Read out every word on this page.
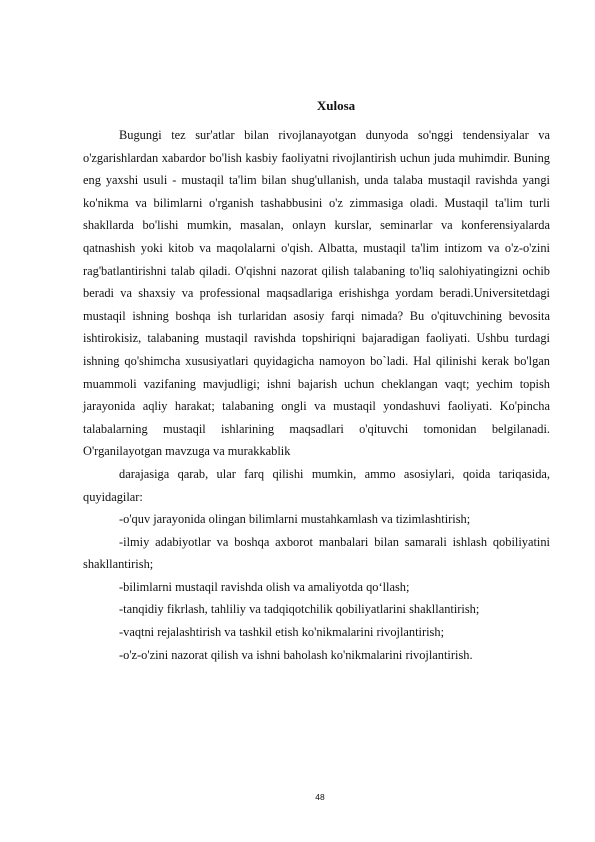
Xulosa

Bugungi tez sur'atlar bilan rivojlanayotgan dunyoda so'nggi tendensiyalar va o'zgarishlardan xabardor bo'lish kasbiy faoliyatni rivojlantirish uchun juda muhimdir. Buning eng yaxshi usuli - mustaqil ta'lim bilan shug'ullanish, unda talaba mustaqil ravishda yangi ko'nikma va bilimlarni o'rganish tashabbusini o'z zimmasiga oladi. Mustaqil ta'lim turli shakllarda bo'lishi mumkin, masalan, onlayn kurslar, seminarlar va konferensiyalarda qatnashish yoki kitob va maqolalarni o'qish. Albatta, mustaqil ta'lim intizom va o'z-o'zini rag'batlantirishni talab qiladi. O'qishni nazorat qilish talabaning to'liq salohiyatingizni ochib beradi va shaxsiy va professional maqsadlariga erishishga yordam beradi.Universitetdagi mustaqil ishning boshqa ish turlaridan asosiy farqi nimada? Bu o'qituvchining bevosita ishtirokisiz, talabaning mustaqil ravishda topshiriqni bajaradigan faoliyati. Ushbu turdagi ishning qo'shimcha xususiyatlari quyidagicha namoyon bo`ladi. Hal qilinishi kerak bo'lgan muammoli vazifaning mavjudligi; ishni bajarish uchun cheklangan vaqt; yechim topish jarayonida aqliy harakat; talabaning ongli va mustaqil yondashuvi faoliyati. Ko'pincha talabalarning mustaqil ishlarining maqsadlari o'qituvchi tomonidan belgilanadi. O'rganilayotgan mavzuga va murakkablik

darajasiga qarab, ular farq qilishi mumkin, ammo asosiylari, qoida tariqasida, quyidagilar:

-o'quv jarayonida olingan bilimlarni mustahkamlash va tizimlashtirish;

-ilmiy adabiyotlar va boshqa axborot manbalari bilan samarali ishlash qobiliyatini shakllantirish;

-bilimlarni mustaqil ravishda olish va amaliyotda qo‘llash;

-tanqidiy fikrlash, tahliliy va tadqiqotchilik qobiliyatlarini shakllantirish;

-vaqtni rejalashtirish va tashkil etish ko'nikmalarini rivojlantirish;

-o'z-o'zini nazorat qilish va ishni baholash ko'nikmalarini rivojlantirish.

48
